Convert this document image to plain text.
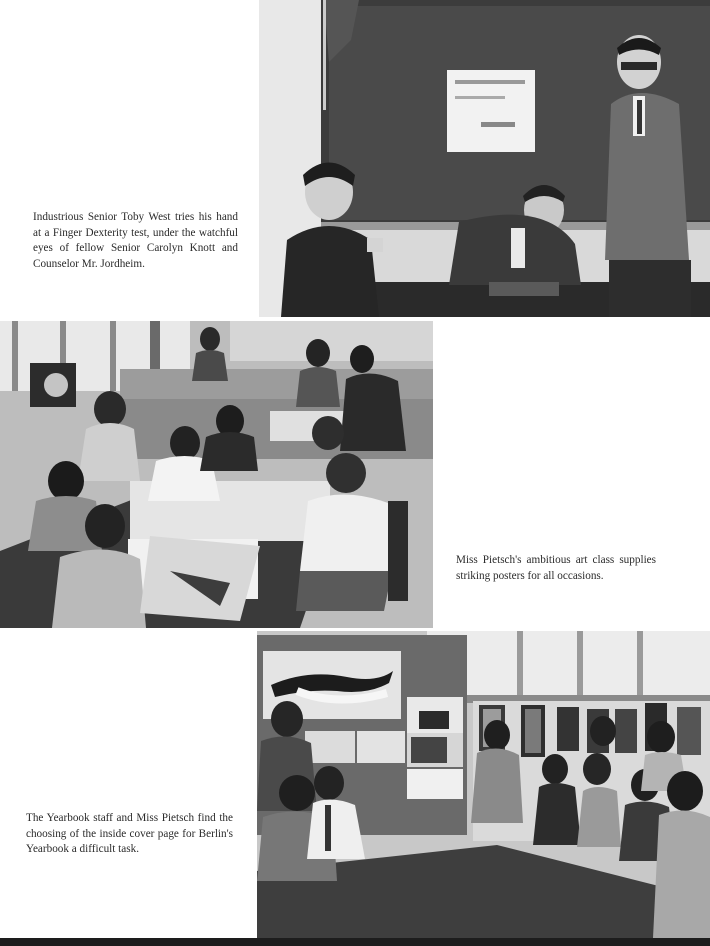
Industrious Senior Toby West tries his hand at a Finger Dexterity test, under the watchful eyes of fellow Senior Carolyn Knott and Counselor Mr. Jordheim.

Miss Pietsch's ambitious art class supplies striking posters for all occasions.

The Yearbook staff and Miss Pietsch find the choosing of the inside cover page for Berlin's Yearbook a difficult task.
